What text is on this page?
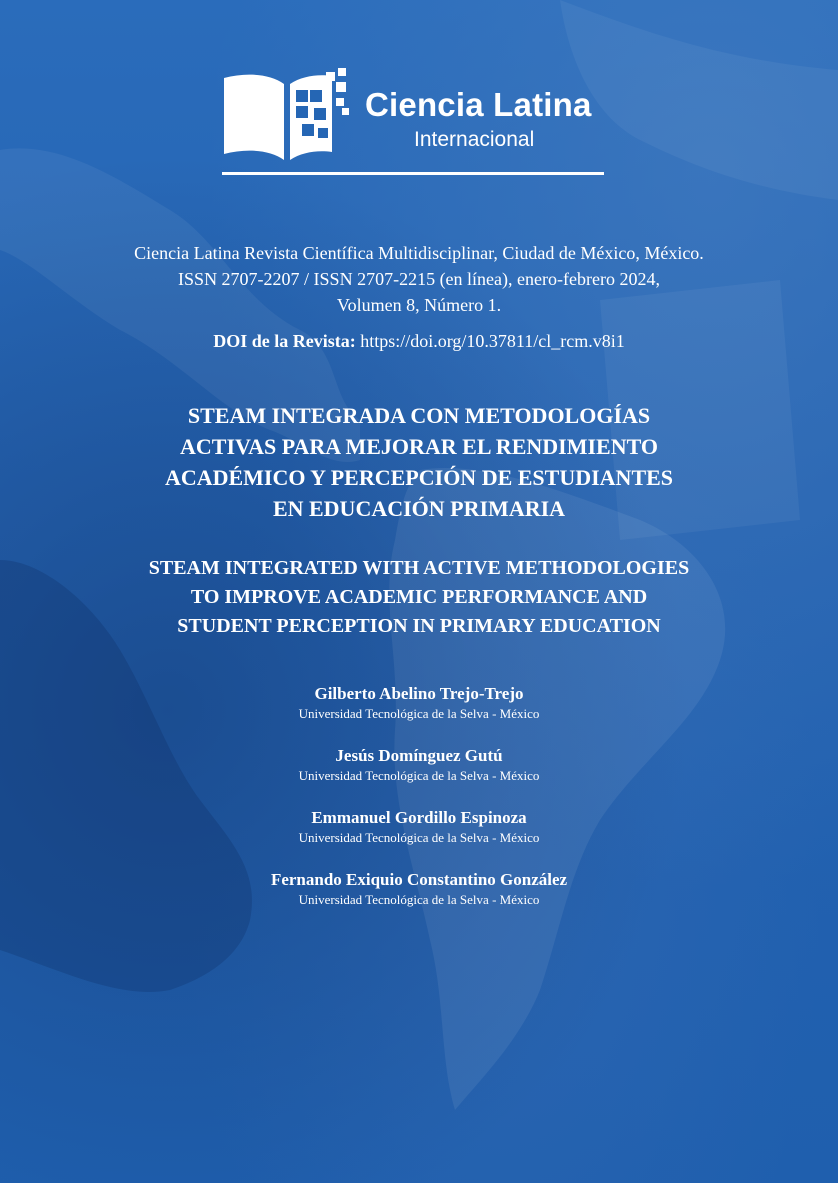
Ciencia Latina
Internacional
Ciencia Latina Revista Científica Multidisciplinar, Ciudad de México, México.
ISSN 2707-2207 / ISSN 2707-2215 (en línea), enero-febrero 2024,
Volumen 8, Número 1.
DOI de la Revista: https://doi.org/10.37811/cl_rcm.v8i1
STEAM INTEGRADA CON METODOLOGÍAS
ACTIVAS PARA MEJORAR EL RENDIMIENTO
ACADÉMICO Y PERCEPCIÓN DE ESTUDIANTES
EN EDUCACIÓN PRIMARIA
STEAM INTEGRATED WITH ACTIVE METHODOLOGIES
TO IMPROVE ACADEMIC PERFORMANCE AND
STUDENT PERCEPTION IN PRIMARY EDUCATION
Gilberto Abelino Trejo-Trejo
Universidad Tecnológica de la Selva - México
Jesús Domínguez Gutú
Universidad Tecnológica de la Selva - México
Emmanuel Gordillo Espinoza
Universidad Tecnológica de la Selva - México
Fernando Exiquio Constantino González
Universidad Tecnológica de la Selva - México
